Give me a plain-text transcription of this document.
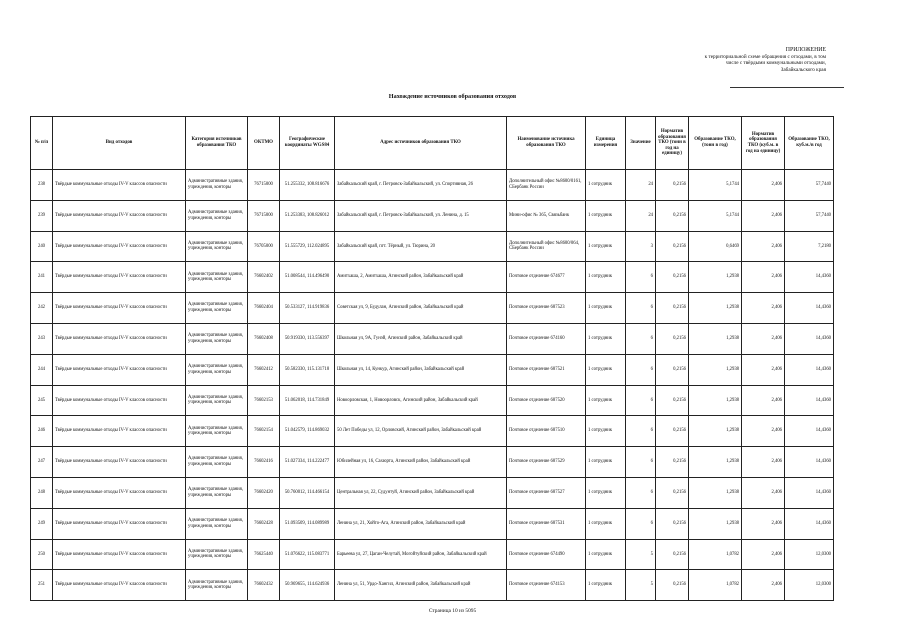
ПРИЛОЖЕНИЕ
к территориальной схеме обращения с отходами, в том
числе с твёрдыми коммунальными отходами,
Забайкальского края
Нахождение источников образования отходов
№ п/п	Вид отходов	Категория источников образования ТКО	ОКТМО	Географические координаты WGS84	Адрес источников образования ТКО	Наименование источника образования ТКО	Единица измерения	Значение	Норматив образования ТКО (тонн в год на единицу)	Образование ТКО, (тонн в год)	Норматив образования ТКО (куб.м. в год на единицу)	Образование ТКО, куб.м./в год
238	Твёрдые коммунальные отходы IV-V классов опасности	Административные здания, учреждения, конторы	76715000	51.255332, 108.816676	Забайкальский край, г. Петровск-Забайкальский, ул. Спортивная, 26	Дополнительный офис №8600/0161, СБербанк России	1 сотрудник	24	0,2156	5,1744	2,406	57,7440
239	Твёрдые коммунальные отходы IV-V классов опасности	Административные здания, учреждения, конторы	76715000	51.253383, 108.826012	Забайкальский край, г. Петровск-Забайкальский, ул. Ленина, д. 15	Мини-офис № 365, Связьбанк	1 сотрудник	24	0,2156	5,1744	2,406	57,7440
240	Твёрдые коммунальные отходы IV-V классов опасности	Административные здания, учреждения, конторы	76705000	51.555729, 112.024895	Забайкальский край, пгт. Тёрный, ул. Тюрина, 20	Дополнительный офис №8600/064, СБербанк России	1 сотрудник	3	0,2156	0,6469	2,406	7,2180
241	Твёрдые коммунальные отходы IV-V классов опасности	Административные здания, учреждения, конторы	76602402	51.008544, 114.496490	Амитхаша, 2, Амитхаша, Агинский район, Забайкальский край	Почтовое отделение 674677	1 сотрудник	6	0,2156	1,2938	2,406	14,4360
242	Твёрдые коммунальные отходы IV-V классов опасности	Административные здания, учреждения, конторы	76602404	50.533127, 114.919836	Советская ул, 9, Будулан, Агинский район, Забайкальский край	Почтовое отделение 687523	1 сотрудник	6	0,2156	1,2938	2,406	14,4360
243	Твёрдые коммунальные отходы IV-V классов опасности	Административные здания, учреждения, конторы	76602408	50.919330, 113.556397	Школьная ул, 9А, Гунэй, Агинский район, Забайкальский край	Почтовое отделение 674160	1 сотрудник	6	0,2156	1,2938	2,406	14,4360
244	Твёрдые коммунальные отходы IV-V классов опасности	Административные здания, учреждения, конторы	76602412	50.582330, 115.131718	Школьная ул, 14, Кункур, Агинский район, Забайкальский край	Почтовое отделение 687521	1 сотрудник	6	0,2156	1,2938	2,406	14,4360
245	Твёрдые коммунальные отходы IV-V классов опасности	Административные здания, учреждения, конторы	76602153	51.062018, 114.731849	Новоорловская, 1, Новоорловск, Агинский район, Забайкальский край	Почтовое отделение 687520	1 сотрудник	6	0,2156	1,2938	2,406	14,4360
246	Твёрдые коммунальные отходы IV-V классов опасности	Административные здания, учреждения, конторы	76602154	51.042579, 114.869032	50 Лет Победы ул, 12, Орловский, Агинский район, Забайкальский край	Почтовое отделение 687510	1 сотрудник	6	0,2156	1,2938	2,406	14,4360
247	Твёрдые коммунальные отходы IV-V классов опасности	Административные здания, учреждения, конторы	76602416	51.027334, 114.222477	Юбилейная ул, 16, Сахюрта, Агинский район, Забайкальский край	Почтовое отделение 687529	1 сотрудник	6	0,2156	1,2938	2,406	14,4360
248	Твёрдые коммунальные отходы IV-V классов опасности	Административные здания, учреждения, конторы	76602420	50.760012, 114.466154	Центральная ул, 22, Судунтуй, Агинский район, Забайкальский край	Почтовое отделение 687527	1 сотрудник	6	0,2156	1,2938	2,406	14,4360
249	Твёрдые коммунальные отходы IV-V классов опасности	Административные здания, учреждения, конторы	76602428	51.093509, 114.089989	Ленина ул, 21, Хойто-Ага, Агинский район, Забайкальский край	Почтовое отделение 687531	1 сотрудник	6	0,2156	1,2938	2,406	14,4360
250	Твёрдые коммунальные отходы IV-V классов опасности	Административные здания, учреждения, конторы	76625440	51.076622, 115.083771	Барьеева ул, 27, Цаган-Челутай, Могойтуйский район, Забайкальский край	Почтовое отделение 674490	1 сотрудник	5	0,2156	1,0782	2,406	12,0300
251	Твёрдые коммунальные отходы IV-V классов опасности	Административные здания, учреждения, конторы	76602432	50.969655, 114.624936	Ленина ул, 51, Урдо-Хангил, Агинский район, Забайкальский край	Почтовое отделение 674153	1 сотрудник	5	0,2156	1,0782	2,406	12,0300
Страница 10 из 5095
